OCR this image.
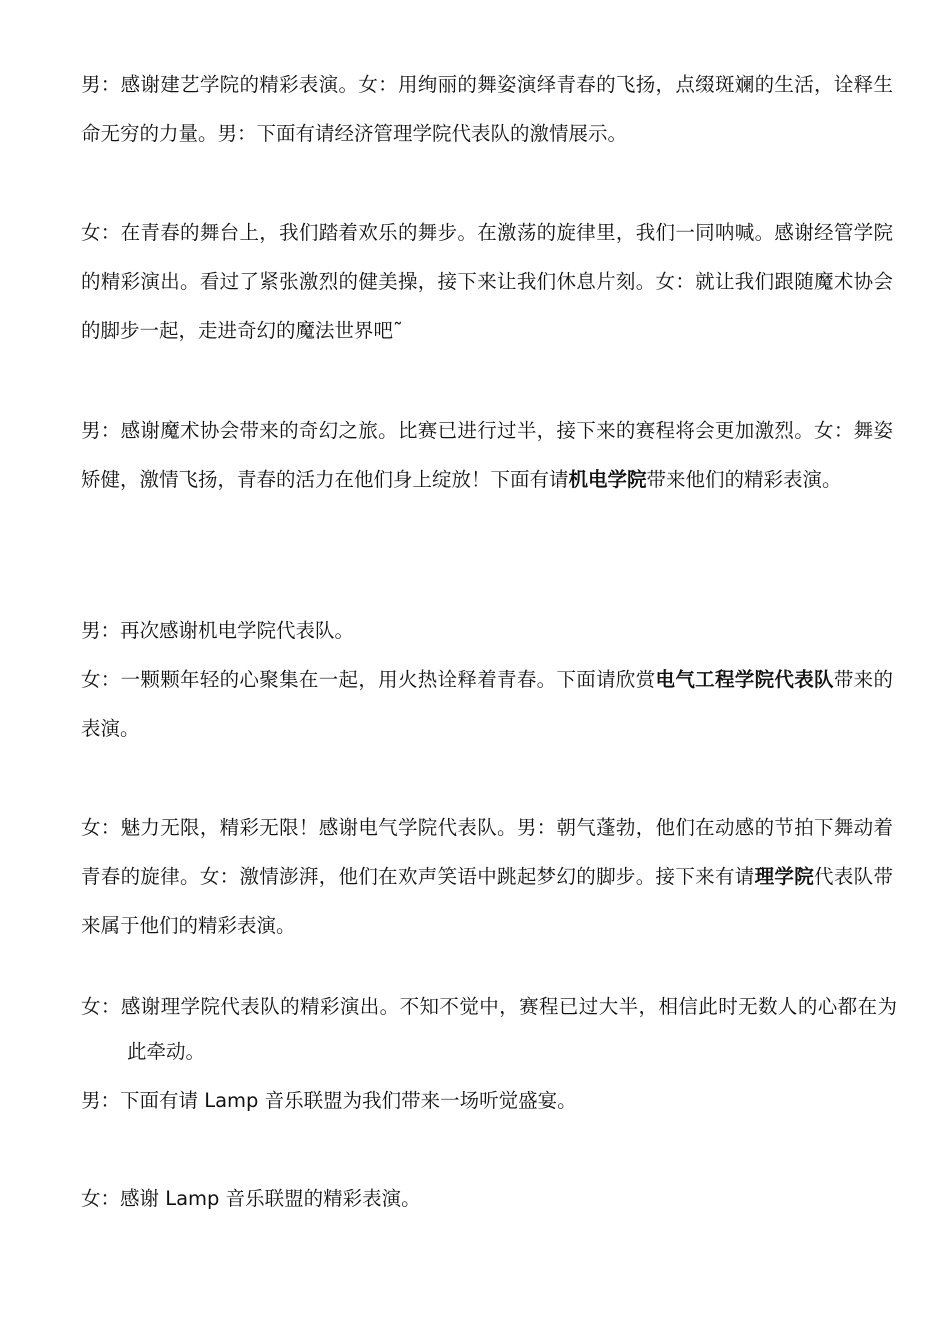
男：感谢建艺学院的精彩表演。女：用绚丽的舞姿演绎青春的飞扬，点缀斑斓的生活，诠释生命无穷的力量。男：下面有请经济管理学院代表队的激情展示。

女：在青春的舞台上，我们踏着欢乐的舞步。在激荡的旋律里，我们一同呐喊。感谢经管学院的精彩演出。看过了紧张激烈的健美操，接下来让我们休息片刻。女：就让我们跟随魔术协会的脚步一起，走进奇幻的魔法世界吧˜

男：感谢魔术协会带来的奇幻之旅。比赛已进行过半，接下来的赛程将会更加激烈。女：舞姿矫健，激情飞扬，青春的活力在他们身上绽放！下面有请机电学院带来他们的精彩表演。

男：再次感谢机电学院代表队。

女：一颗颗年轻的心聚集在一起，用火热诠释着青春。下面请欣赏电气工程学院代表队带来的表演。

女：魅力无限，精彩无限！感谢电气学院代表队。男：朝气蓬勃，他们在动感的节拍下舞动着青春的旋律。女：激情澎湃，他们在欢声笑语中跳起梦幻的脚步。接下来有请理学院代表队带来属于他们的精彩表演。

女：感谢理学院代表队的精彩演出。不知不觉中，赛程已过大半，相信此时无数人的心都在为此牵动。

男：下面有请 Lamp 音乐联盟为我们带来一场听觉盛宴。

女：感谢 Lamp 音乐联盟的精彩表演。
